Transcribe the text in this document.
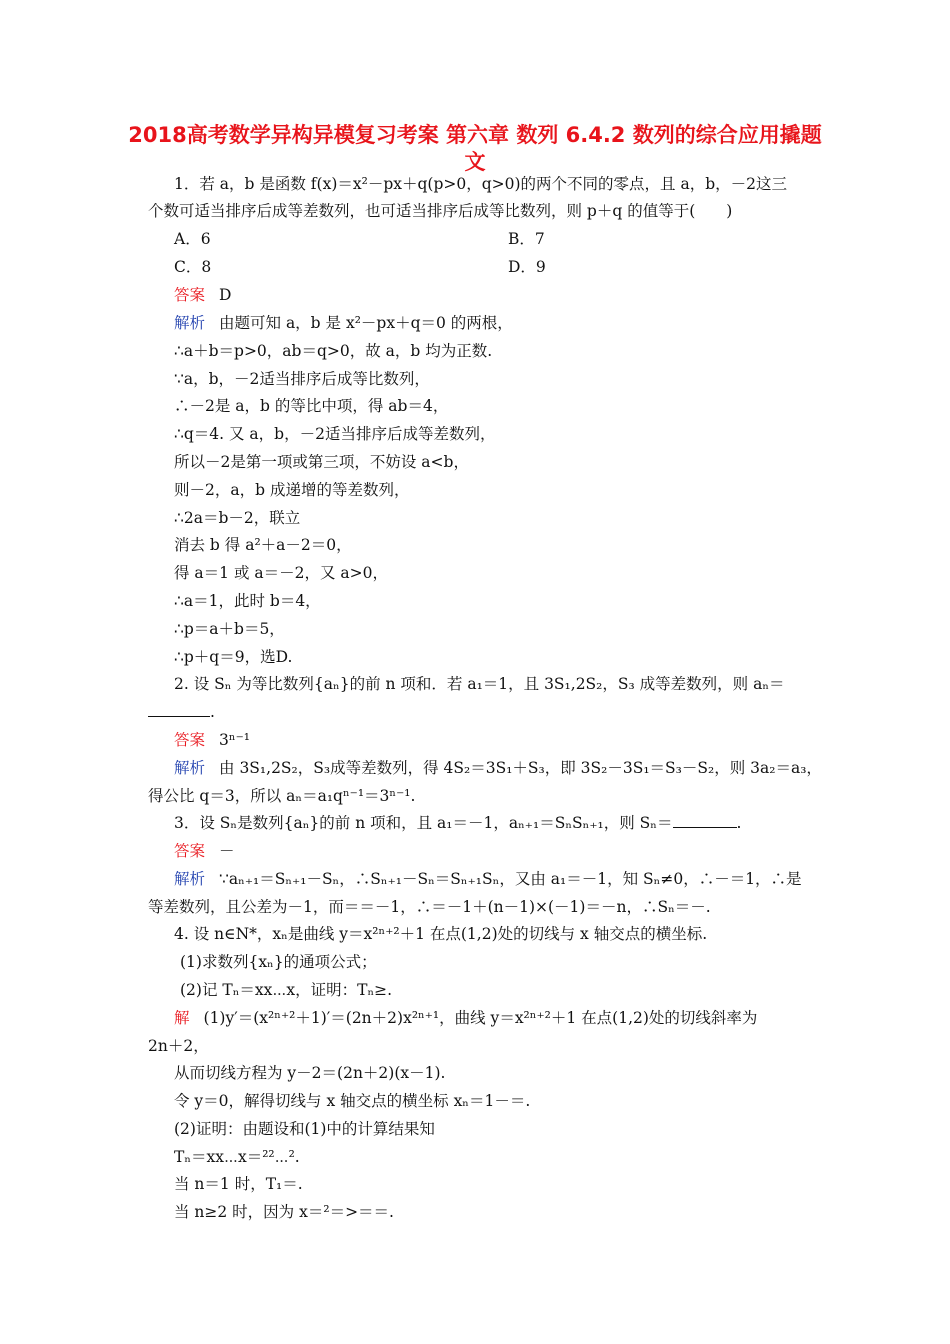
2018高考数学异构异模复习考案 第六章 数列 6.4.2 数列的综合应用撬题 文
1．若 a，b 是函数 f(x)＝x²－px＋q(p>0，q>0)的两个不同的零点，且 a，b，－2这三
个数可适当排序后成等差数列，也可适当排序后成等比数列，则 p＋q 的值等于(　　)
A．6	B．7
C．8	D．9
答案 D
解析 由题可知 a，b 是 x²－px＋q＝0 的两根，
∴a＋b＝p>0，ab＝q>0，故 a，b 均为正数.
∵a，b，－2适当排序后成等比数列，
∴－2是 a，b 的等比中项，得 ab＝4，
∴q＝4. 又 a，b，－2适当排序后成等差数列，
所以－2是第一项或第三项，不妨设 a<b，
则－2，a，b 成递增的等差数列，
∴2a＝b－2，联立
消去 b 得 a²＋a－2＝0，
得 a＝1 或 a＝－2，又 a>0，
∴a＝1，此时 b＝4，
∴p＝a＋b＝5，
∴p＋q＝9，选D.
2. 设 Sₙ 为等比数列{aₙ}的前 n 项和．若 a₁＝1，且 3S₁,2S₂，S₃ 成等差数列，则 aₙ＝
.
答案 3ⁿ⁻¹
解析 由 3S₁,2S₂，S₃成等差数列，得 4S₂＝3S₁＋S₃，即 3S₂－3S₁＝S₃－S₂，则 3a₂＝a₃，
得公比 q＝3，所以 aₙ＝a₁qⁿ⁻¹＝3ⁿ⁻¹.
3．设 Sₙ是数列{aₙ}的前 n 项和，且 a₁＝－1，aₙ₊₁＝SₙSₙ₊₁，则 Sₙ＝	.
答案 －
解析 ∵aₙ₊₁＝Sₙ₊₁－Sₙ，∴Sₙ₊₁－Sₙ＝Sₙ₊₁Sₙ，又由 a₁＝－1，知 Sₙ≠0，∴－＝1，∴是
等差数列，且公差为－1，而＝＝－1，∴＝－1＋(n－1)×(－1)＝－n，∴Sₙ＝－.
4. 设 n∈N*，xₙ是曲线 y＝x²ⁿ⁺²＋1 在点(1,2)处的切线与 x 轴交点的横坐标.
(1)求数列{xₙ}的通项公式；
(2)记 Tₙ＝xx⋯x，证明：Tₙ≥.
解 (1)y′＝(x²ⁿ⁺²＋1)′＝(2n＋2)x²ⁿ⁺¹，曲线 y＝x²ⁿ⁺²＋1 在点(1,2)处的切线斜率为
2n＋2，
从而切线方程为 y－2＝(2n＋2)(x－1).
令 y＝0，解得切线与 x 轴交点的横坐标 xₙ＝1－＝.
(2)证明：由题设和(1)中的计算结果知
Tₙ＝xx⋯x＝²²⋯².
当 n＝1 时，T₁＝.
当 n≥2 时，因为 x＝²＝>＝＝.
